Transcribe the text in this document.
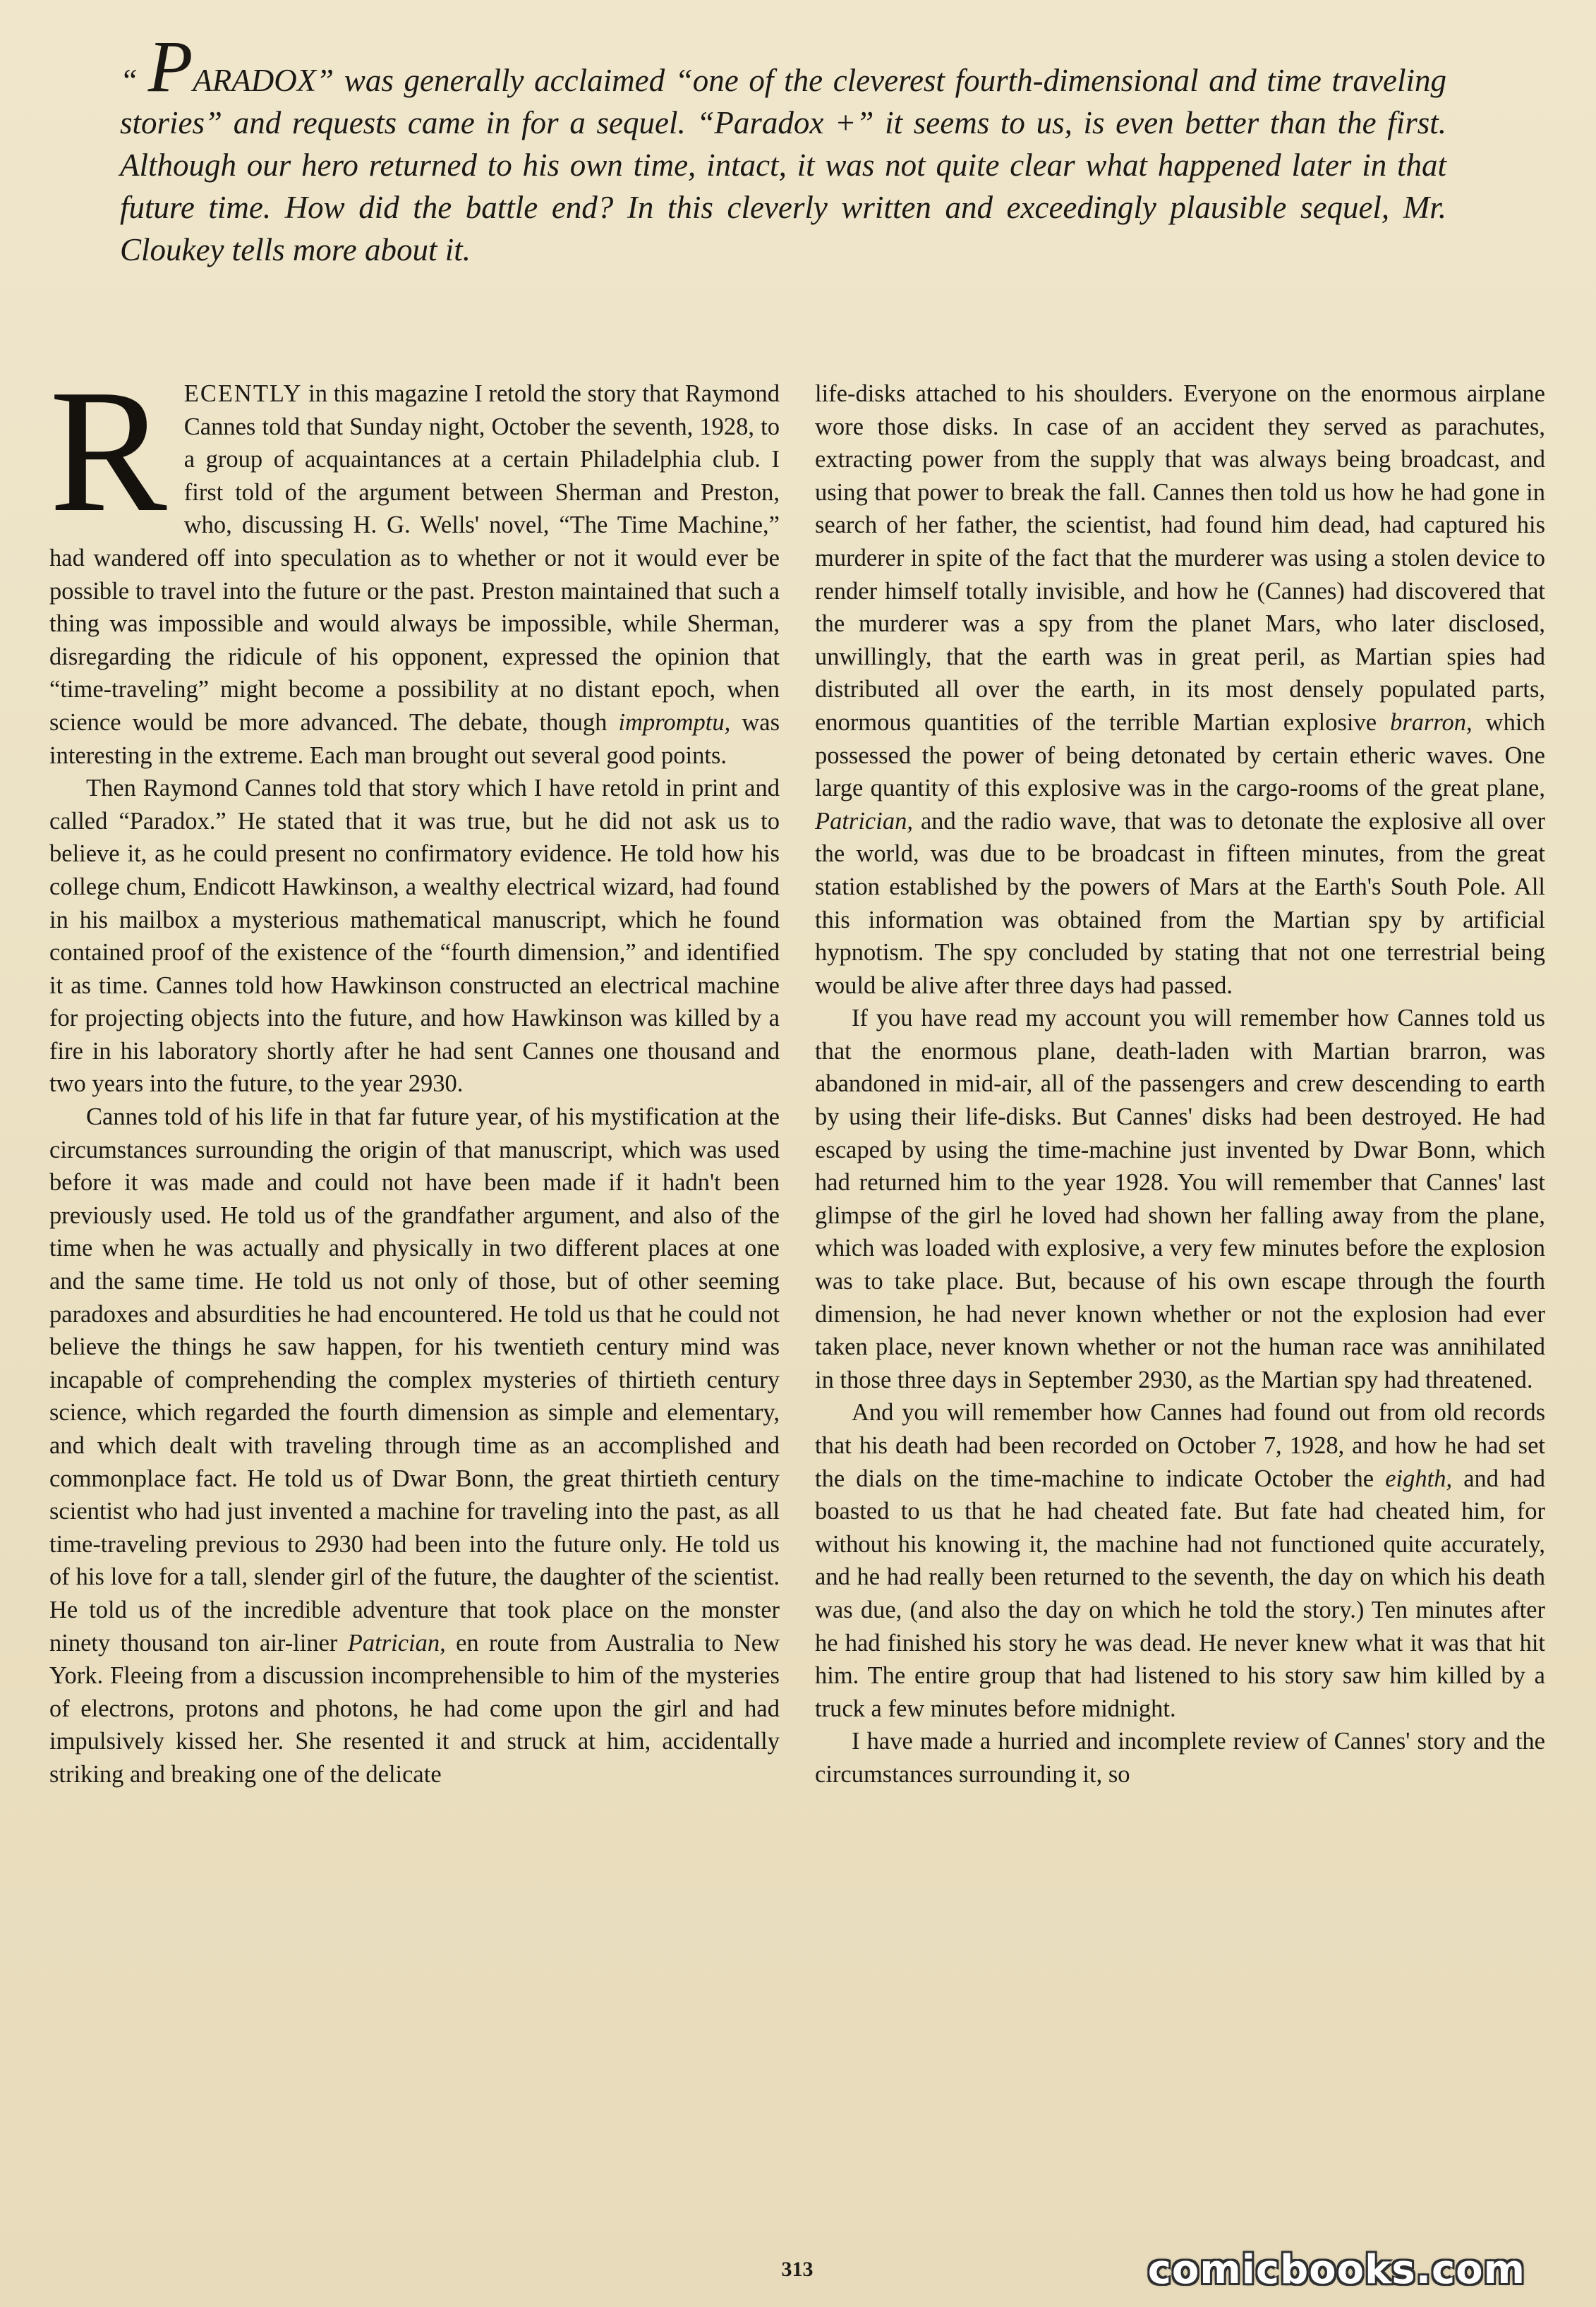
“ PARADOX” was generally acclaimed “one of the cleverest fourth-dimensional and time traveling stories” and requests came in for a sequel. “Paradox +” it seems to us, is even better than the first. Although our hero returned to his own time, intact, it was not quite clear what happened later in that future time. How did the battle end? In this cleverly written and exceedingly plausible sequel, Mr. Cloukey tells more about it.

RECENTLY in this magazine I retold the story that Raymond Cannes told that Sunday night, October the seventh, 1928, to a group of acquaintances at a certain Philadelphia club. I first told of the argument between Sherman and Preston, who, discussing H. G. Wells' novel, “The Time Machine,” had wandered off into speculation as to whether or not it would ever be possible to travel into the future or the past. Preston maintained that such a thing was impossible and would always be impossible, while Sherman, disregarding the ridicule of his opponent, expressed the opinion that “time-traveling” might become a possibility at no distant epoch, when science would be more advanced. The debate, though impromptu, was interesting in the extreme. Each man brought out several good points.

Then Raymond Cannes told that story which I have retold in print and called “Paradox.” He stated that it was true, but he did not ask us to believe it, as he could present no confirmatory evidence. He told how his college chum, Endicott Hawkinson, a wealthy electrical wizard, had found in his mailbox a mysterious mathematical manuscript, which he found contained proof of the existence of the “fourth dimension,” and identified it as time. Cannes told how Hawkinson constructed an electrical machine for projecting objects into the future, and how Hawkinson was killed by a fire in his laboratory shortly after he had sent Cannes one thousand and two years into the future, to the year 2930.

Cannes told of his life in that far future year, of his mystification at the circumstances surrounding the origin of that manuscript, which was used before it was made and could not have been made if it hadn't been previously used. He told us of the grandfather argument, and also of the time when he was actually and physically in two different places at one and the same time. He told us not only of those, but of other seeming paradoxes and absurdities he had encountered. He told us that he could not believe the things he saw happen, for his twentieth century mind was incapable of comprehending the complex mysteries of thirtieth century science, which regarded the fourth dimension as simple and elementary, and which dealt with traveling through time as an accomplished and commonplace fact. He told us of Dwar Bonn, the great thirtieth century scientist who had just invented a machine for traveling into the past, as all time-traveling previous to 2930 had been into the future only. He told us of his love for a tall, slender girl of the future, the daughter of the scientist. He told us of the incredible adventure that took place on the monster ninety thousand ton air-liner Patrician, en route from Australia to New York. Fleeing from a discussion incomprehensible to him of the mysteries of electrons, protons and photons, he had come upon the girl and had impulsively kissed her. She resented it and struck at him, accidentally striking and breaking one of the delicate

life-disks attached to his shoulders. Everyone on the enormous airplane wore those disks. In case of an accident they served as parachutes, extracting power from the supply that was always being broadcast, and using that power to break the fall. Cannes then told us how he had gone in search of her father, the scientist, had found him dead, had captured his murderer in spite of the fact that the murderer was using a stolen device to render himself totally invisible, and how he (Cannes) had discovered that the murderer was a spy from the planet Mars, who later disclosed, unwillingly, that the earth was in great peril, as Martian spies had distributed all over the earth, in its most densely populated parts, enormous quantities of the terrible Martian explosive brarron, which possessed the power of being detonated by certain etheric waves. One large quantity of this explosive was in the cargo-rooms of the great plane, Patrician, and the radio wave, that was to detonate the explosive all over the world, was due to be broadcast in fifteen minutes, from the great station established by the powers of Mars at the Earth's South Pole. All this information was obtained from the Martian spy by artificial hypnotism. The spy concluded by stating that not one terrestrial being would be alive after three days had passed.

If you have read my account you will remember how Cannes told us that the enormous plane, death-laden with Martian brarron, was abandoned in mid-air, all of the passengers and crew descending to earth by using their life-disks. But Cannes' disks had been destroyed. He had escaped by using the time-machine just invented by Dwar Bonn, which had returned him to the year 1928. You will remember that Cannes' last glimpse of the girl he loved had shown her falling away from the plane, which was loaded with explosive, a very few minutes before the explosion was to take place. But, because of his own escape through the fourth dimension, he had never known whether or not the explosion had ever taken place, never known whether or not the human race was annihilated in those three days in September 2930, as the Martian spy had threatened.

And you will remember how Cannes had found out from old records that his death had been recorded on October 7, 1928, and how he had set the dials on the time-machine to indicate October the eighth, and had boasted to us that he had cheated fate. But fate had cheated him, for without his knowing it, the machine had not functioned quite accurately, and he had really been returned to the seventh, the day on which his death was due, (and also the day on which he told the story.) Ten minutes after he had finished his story he was dead. He never knew what it was that hit him. The entire group that had listened to his story saw him killed by a truck a few minutes before midnight.

I have made a hurried and incomplete review of Cannes' story and the circumstances surrounding it, so

313	comicbooks.com
